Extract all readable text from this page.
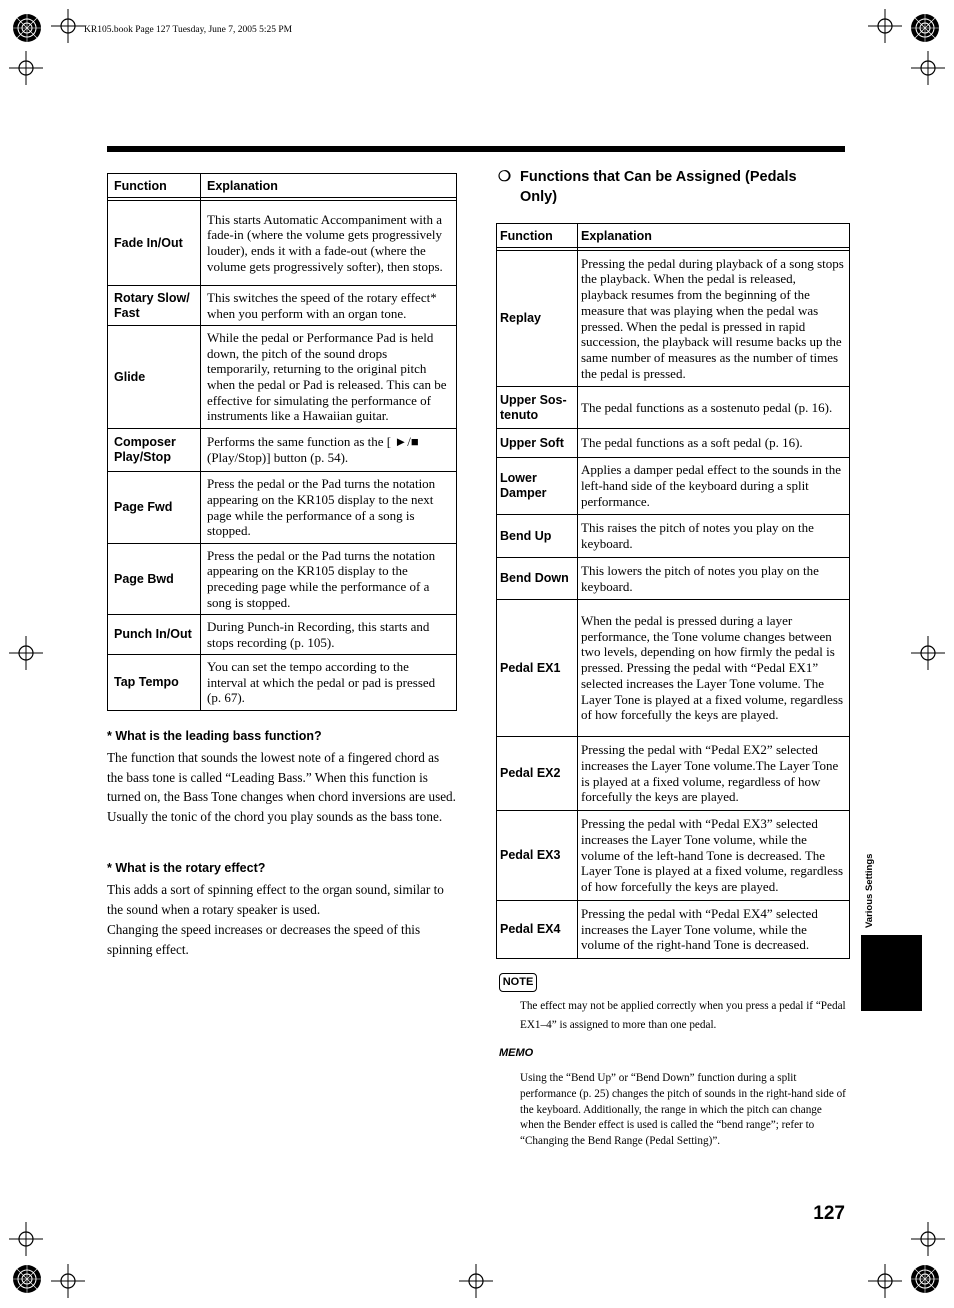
KR105.book Page 127 Tuesday, June 7, 2005 5:25 PM
Function	Explanation

Fade In/Out	This starts Automatic Accompaniment with a fade-in (where the volume gets progressively louder), ends it with a fade-out (where the volume gets progressively softer), then stops.
Rotary Slow/ Fast	This switches the speed of the rotary effect* when you perform with an organ tone.
Glide	While the pedal or Performance Pad is held down, the pitch of the sound drops temporarily, returning to the original pitch when the pedal or Pad is released. This can be effective for simulating the performance of instruments like a Hawaiian guitar.
Composer Play/Stop	Performs the same function as the [ ►/■ (Play/Stop)] button (p. 54).
Page Fwd	Press the pedal or the Pad turns the notation appearing on the KR105 display to the next page while the performance of a song is stopped.
Page Bwd	Press the pedal or the Pad turns the notation appearing on the KR105 display to the preceding page while the performance of a song is stopped.
Punch In/Out	During Punch-in Recording, this starts and stops recording (p. 105).
Tap Tempo	You can set the tempo according to the interval at which the pedal or pad is pressed (p. 67).
* What is the leading bass function?
The function that sounds the lowest note of a fingered chord as the bass tone is called “Leading Bass.” When this function is turned on, the Bass Tone changes when chord inversions are used. Usually the tonic of the chord you play sounds as the bass tone.
* What is the rotary effect?
This adds a sort of spinning effect to the organ sound, similar to the sound when a rotary speaker is used.
Changing the speed increases or decreases the speed of this spinning effect.
❍ Functions that Can be Assigned (Pedals Only)
Function	Explanation

Replay	Pressing the pedal during playback of a song stops the playback. When the pedal is released, playback resumes from the beginning of the measure that was playing when the pedal was pressed. When the pedal is pressed in rapid succession, the playback will resume backs up the same number of measures as the number of times the pedal is pressed.
Upper Sos- tenuto	The pedal functions as a sostenuto pedal (p. 16).
Upper Soft	The pedal functions as a soft pedal (p. 16).
Lower Damper	Applies a damper pedal effect to the sounds in the left-hand side of the keyboard during a split performance.
Bend Up	This raises the pitch of notes you play on the keyboard.
Bend Down	This lowers the pitch of notes you play on the keyboard.
Pedal EX1	When the pedal is pressed during a layer performance, the Tone volume changes between two levels, depending on how firmly the pedal is pressed. Pressing the pedal with “Pedal EX1” selected increases the Layer Tone volume. The Layer Tone is played at a fixed volume, regardless of how forcefully the keys are played.
Pedal EX2	Pressing the pedal with “Pedal EX2” selected increases the Layer Tone volume.The Layer Tone is played at a fixed volume, regardless of how forcefully the keys are played.
Pedal EX3	Pressing the pedal with “Pedal EX3” selected increases the Layer Tone volume, while the volume of the left-hand Tone is decreased. The Layer Tone is played at a fixed volume, regardless of how forcefully the keys are played.
Pedal EX4	Pressing the pedal with “Pedal EX4” selected increases the Layer Tone volume, while the volume of the right-hand Tone is decreased.
NOTE
The effect may not be applied correctly when you press a pedal if “Pedal EX1–4” is assigned to more than one pedal.
MEMO
Using the “Bend Up” or “Bend Down” function during a split performance (p. 25) changes the pitch of sounds in the right-hand side of the keyboard. Additionally, the range in which the pitch can change when the Bender effect is used is called the “bend range”; refer to “Changing the Bend Range (Pedal Setting)”.
Various Settings
127
